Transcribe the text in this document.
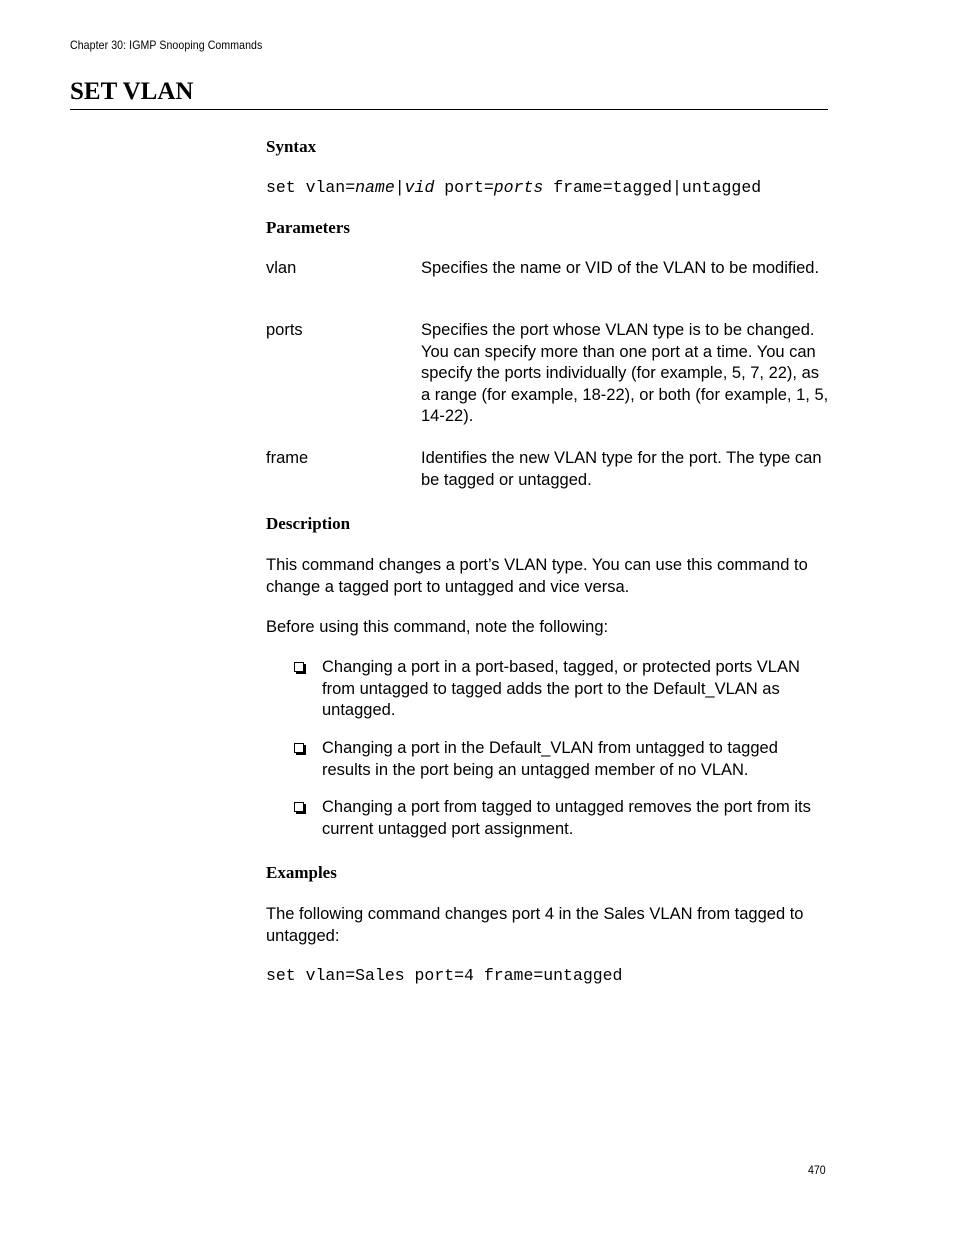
Chapter 30: IGMP Snooping Commands
SET VLAN
Syntax

set vlan=name|vid port=ports frame=tagged|untagged

Parameters
vlan	Specifies the name or VID of the VLAN to be modified.
ports	Specifies the port whose VLAN type is to be changed. You can specify more than one port at a time. You can specify the ports individually (for example, 5, 7, 22), as a range (for example, 18-22), or both (for example, 1, 5, 14-22).
frame	Identifies the new VLAN type for the port. The type can be tagged or untagged.
Description

This command changes a port’s VLAN type. You can use this command to change a tagged port to untagged and vice versa.

Before using this command, note the following:

Changing a port in a port-based, tagged, or protected ports VLAN from untagged to tagged adds the port to the Default_VLAN as untagged.
Changing a port in the Default_VLAN from untagged to tagged results in the port being an untagged member of no VLAN.
Changing a port from tagged to untagged removes the port from its current untagged port assignment.
Examples

The following command changes port 4 in the Sales VLAN from tagged to untagged:

set vlan=Sales port=4 frame=untagged

470
